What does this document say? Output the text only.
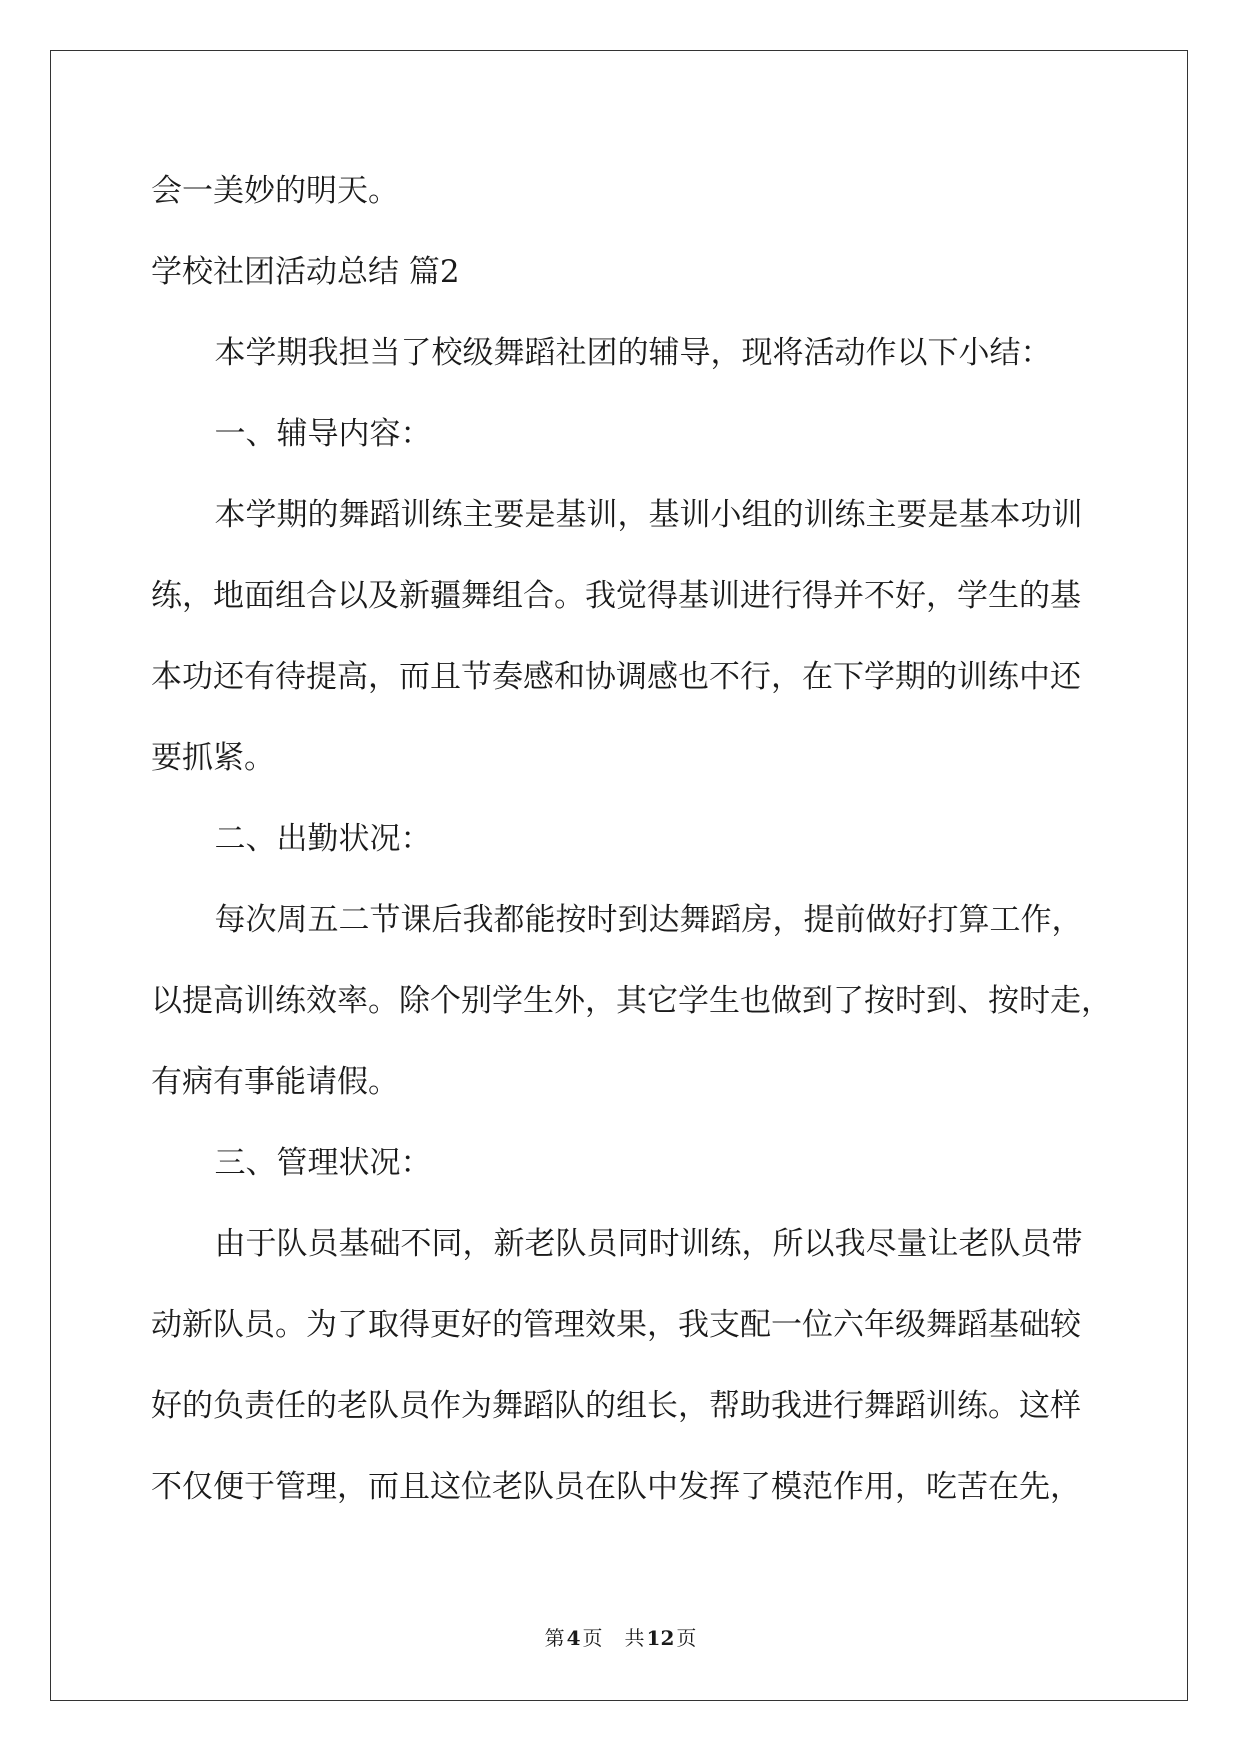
会一美妙的明天。
学校社团活动总结 篇2
本学期我担当了校级舞蹈社团的辅导，现将活动作以下小结：
一、辅导内容：
本学期的舞蹈训练主要是基训，基训小组的训练主要是基本功训
练，地面组合以及新疆舞组合。我觉得基训进行得并不好，学生的基
本功还有待提高，而且节奏感和协调感也不行，在下学期的训练中还
要抓紧。
二、出勤状况：
每次周五二节课后我都能按时到达舞蹈房，提前做好打算工作，
以提高训练效率。除个别学生外，其它学生也做到了按时到、按时走，
有病有事能请假。
三、管理状况：
由于队员基础不同，新老队员同时训练，所以我尽量让老队员带
动新队员。为了取得更好的管理效果，我支配一位六年级舞蹈基础较
好的负责任的老队员作为舞蹈队的组长，帮助我进行舞蹈训练。这样
不仅便于管理，而且这位老队员在队中发挥了模范作用，吃苦在先，
第 4 页 共 12 页
